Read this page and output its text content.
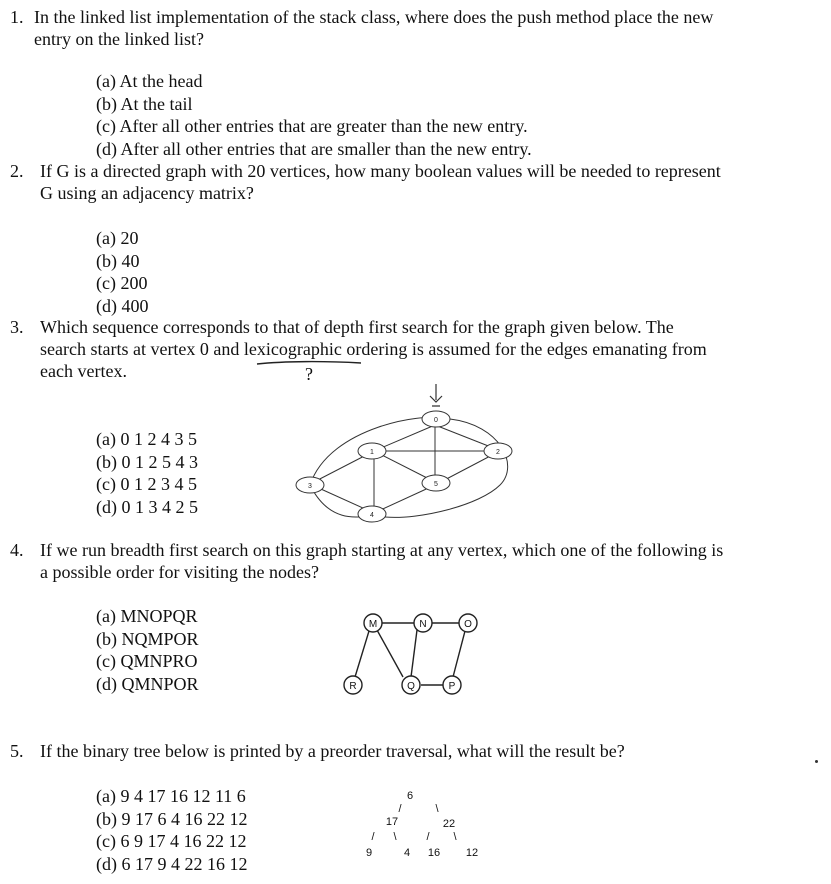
1. In the linked list implementation of the stack class, where does the push method place the new
entry on the linked list?
(a) At the head
(b) At the tail
(c) After all other entries that are greater than the new entry.
(d) After all other entries that are smaller than the new entry.
2. If G is a directed graph with 20 vertices, how many boolean values will be needed to represent
G using an adjacency matrix?
(a) 20
(b) 40
(c) 200
(d) 400
3. Which sequence corresponds to that of depth first search for the graph given below. The
search starts at vertex 0 and lexicographic ordering is assumed for the edges emanating from
each vertex.	?
(a) 0 1 2 4 3 5
(b) 0 1 2 5 4 3
(c) 0 1 2 3 4 5
(d) 0 1 3 4 2 5
0
1	2
3
4
5
4. If we run breadth first search on this graph starting at any vertex, which one of the following is
a possible order for visiting the nodes?
(a) MNOPQR
(b) NQMPOR
(c) QMNPRO
(d) QMNPOR
M	N	O
R	Q	P
5. If the binary tree below is printed by a preorder traversal, what will the result be?
(a) 9 4 17 16 12 11 6
(b) 9 17 6 4 16 22 12
(c) 6 9 17 4 16 22 12
(d) 6 17 9 4 22 16 12
6
/	\
17	22
/ \	/ \
9	4 16 12
